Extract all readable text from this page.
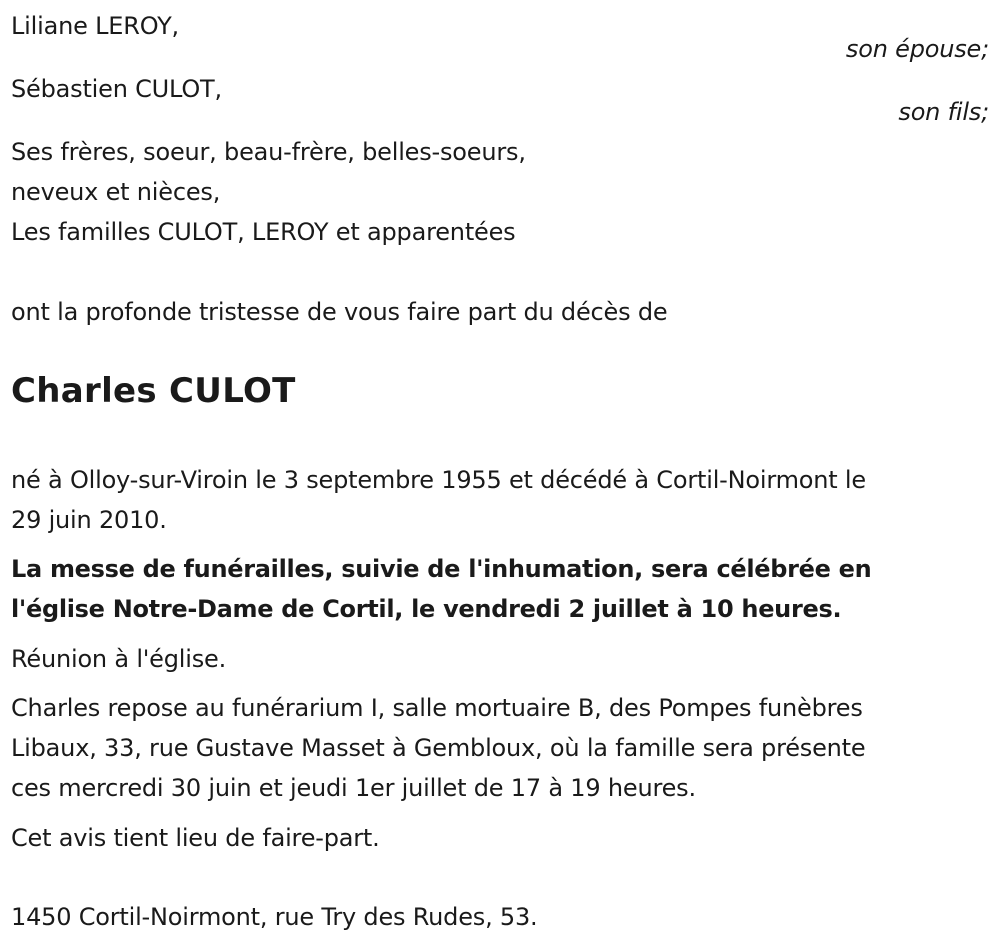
Liliane LEROY,
son épouse;
Sébastien CULOT,
son fils;
Ses frères, soeur, beau-frère, belles-soeurs,
neveux et nièces,
Les familles CULOT, LEROY et apparentées
ont la profonde tristesse de vous faire part du décès de
Charles CULOT
né à Olloy-sur-Viroin le 3 septembre 1955 et décédé à Cortil-Noirmont le
29 juin 2010.
La messe de funérailles, suivie de l'inhumation, sera célébrée en
l'église Notre-Dame de Cortil, le vendredi 2 juillet à 10 heures.
Réunion à l'église.
Charles repose au funérarium I, salle mortuaire B, des Pompes funèbres
Libaux, 33, rue Gustave Masset à Gembloux, où la famille sera présente
ces mercredi 30 juin et jeudi 1er juillet de 17 à 19 heures.
Cet avis tient lieu de faire-part.
1450 Cortil-Noirmont, rue Try des Rudes, 53.
